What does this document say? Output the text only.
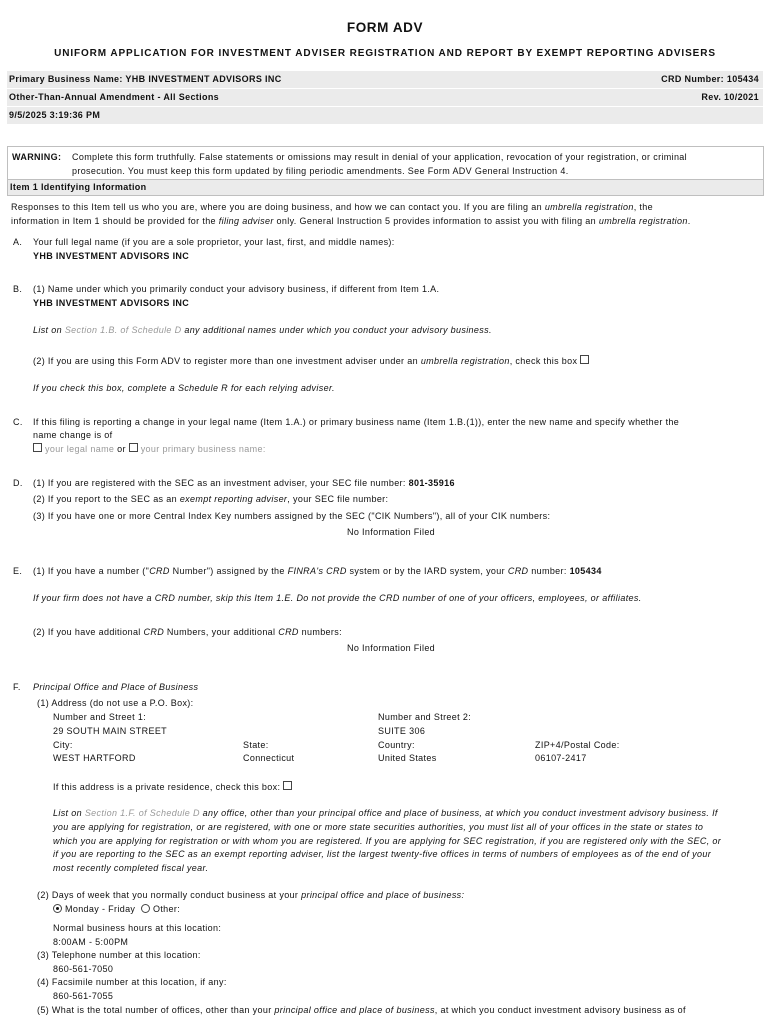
FORM ADV
UNIFORM APPLICATION FOR INVESTMENT ADVISER REGISTRATION AND REPORT BY EXEMPT REPORTING ADVISERS
Primary Business Name: YHB INVESTMENT ADVISORS INC	CRD Number: 105434
Other-Than-Annual Amendment - All Sections	Rev. 10/2021
9/5/2025 3:19:36 PM
WARNING: Complete this form truthfully. False statements or omissions may result in denial of your application, revocation of your registration, or criminal
prosecution. You must keep this form updated by filing periodic amendments. See Form ADV General Instruction 4.
Item 1 Identifying Information
Responses to this Item tell us who you are, where you are doing business, and how we can contact you. If you are filing an umbrella registration, the
information in Item 1 should be provided for the filing adviser only. General Instruction 5 provides information to assist you with filing an umbrella registration.
A. Your full legal name (if you are a sole proprietor, your last, first, and middle names):
YHB INVESTMENT ADVISORS INC
B. (1) Name under which you primarily conduct your advisory business, if different from Item 1.A.
YHB INVESTMENT ADVISORS INC
List on Section 1.B. of Schedule D any additional names under which you conduct your advisory business.
(2) If you are using this Form ADV to register more than one investment adviser under an umbrella registration, check this box
If you check this box, complete a Schedule R for each relying adviser.
C. If this filing is reporting a change in your legal name (Item 1.A.) or primary business name (Item 1.B.(1)), enter the new name and specify whether the
name change is of
your legal name or your primary business name:
D. (1) If you are registered with the SEC as an investment adviser, your SEC file number: 801-35916
(2) If you report to the SEC as an exempt reporting adviser, your SEC file number:
(3) If you have one or more Central Index Key numbers assigned by the SEC ("CIK Numbers"), all of your CIK numbers:
No Information Filed
E. (1) If you have a number ("CRD Number") assigned by the FINRA's CRD system or by the IARD system, your CRD number: 105434
If your firm does not have a CRD number, skip this Item 1.E. Do not provide the CRD number of one of your officers, employees, or affiliates.
(2) If you have additional CRD Numbers, your additional CRD numbers:
No Information Filed
F. Principal Office and Place of Business
(1) Address (do not use a P.O. Box):
Number and Street 1:
29 SOUTH MAIN STREET
City:
WEST HARTFORD
State:
Connecticut
Number and Street 2:
SUITE 306
Country:
United States
ZIP+4/Postal Code:
06107-2417
If this address is a private residence, check this box:
List on Section 1.F. of Schedule D any office, other than your principal office and place of business, at which you conduct investment advisory business. If
you are applying for registration, or are registered, with one or more state securities authorities, you must list all of your offices in the state or states to
which you are applying for registration or with whom you are registered. If you are applying for SEC registration, if you are registered only with the SEC, or
if you are reporting to the SEC as an exempt reporting adviser, list the largest twenty-five offices in terms of numbers of employees as of the end of your
most recently completed fiscal year.
(2) Days of week that you normally conduct business at your principal office and place of business:
Monday - Friday Other:
Normal business hours at this location:
8:00AM - 5:00PM
(3) Telephone number at this location:
860-561-7050
(4) Facsimile number at this location, if any:
860-561-7055
(5) What is the total number of offices, other than your principal office and place of business, at which you conduct investment advisory business as of
